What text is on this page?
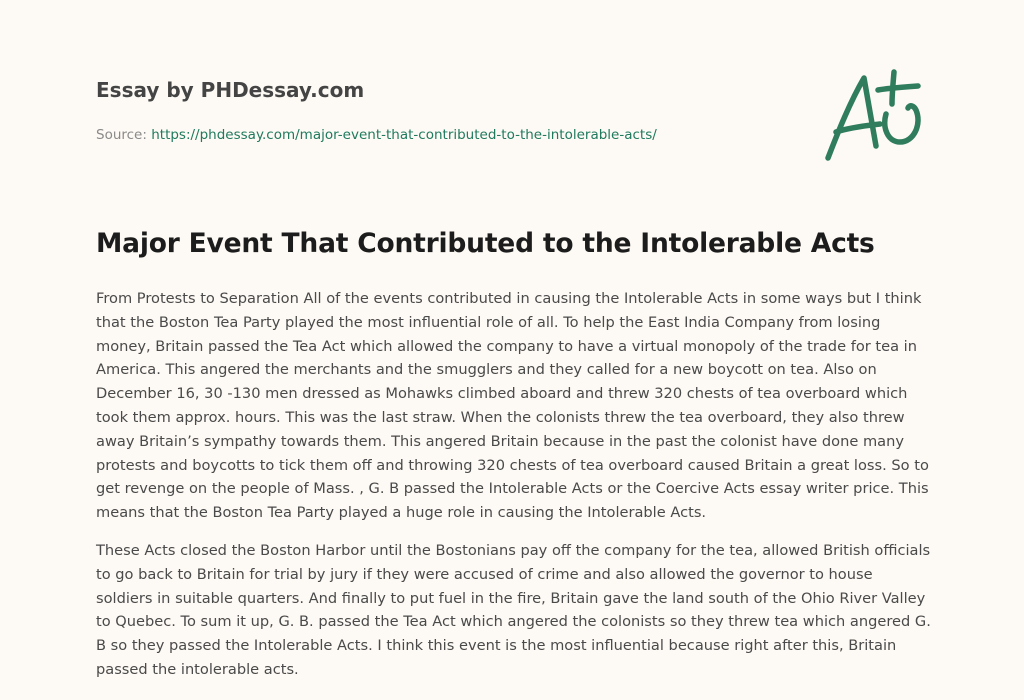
Essay by PHDessay.com
Source: https://phdessay.com/major-event-that-contributed-to-the-intolerable-acts/
Major Event That Contributed to the Intolerable Acts

From Protests to Separation All of the events contributed in causing the Intolerable Acts in some ways but I think that the Boston Tea Party played the most influential role of all. To help the East India Company from losing money, Britain passed the Tea Act which allowed the company to have a virtual monopoly of the trade for tea in America. This angered the merchants and the smugglers and they called for a new boycott on tea. Also on December 16, 30 -130 men dressed as Mohawks climbed aboard and threw 320 chests of tea overboard which took them approx. hours. This was the last straw. When the colonists threw the tea overboard, they also threw away Britain’s sympathy towards them. This angered Britain because in the past the colonist have done many protests and boycotts to tick them off and throwing 320 chests of tea overboard caused Britain a great loss. So to get revenge on the people of Mass. , G. B passed the Intolerable Acts or the Coercive Acts essay writer price. This means that the Boston Tea Party played a huge role in causing the Intolerable Acts.

These Acts closed the Boston Harbor until the Bostonians pay off the company for the tea, allowed British officials to go back to Britain for trial by jury if they were accused of crime and also allowed the governor to house soldiers in suitable quarters. And finally to put fuel in the fire, Britain gave the land south of the Ohio River Valley to Quebec. To sum it up, G. B. passed the Tea Act which angered the colonists so they threw tea which angered G. B so they passed the Intolerable Acts. I think this event is the most influential because right after this, Britain passed the intolerable acts.
